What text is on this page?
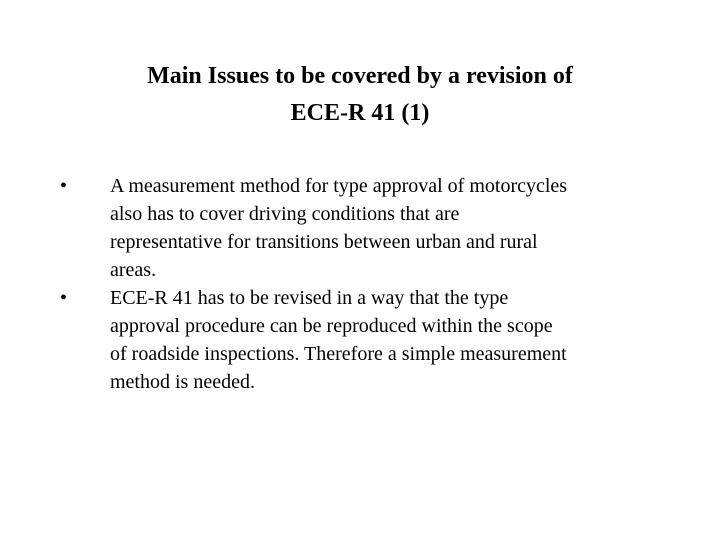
Main Issues to be covered by a revision of
ECE-R 41 (1)
• A measurement method for type approval of motorcycles
also has to cover driving conditions that are
representative for transitions between urban and rural
areas.
• ECE-R 41 has to be revised in a way that the type
approval procedure can be reproduced within the scope
of roadside inspections. Therefore a simple measurement
method is needed.
